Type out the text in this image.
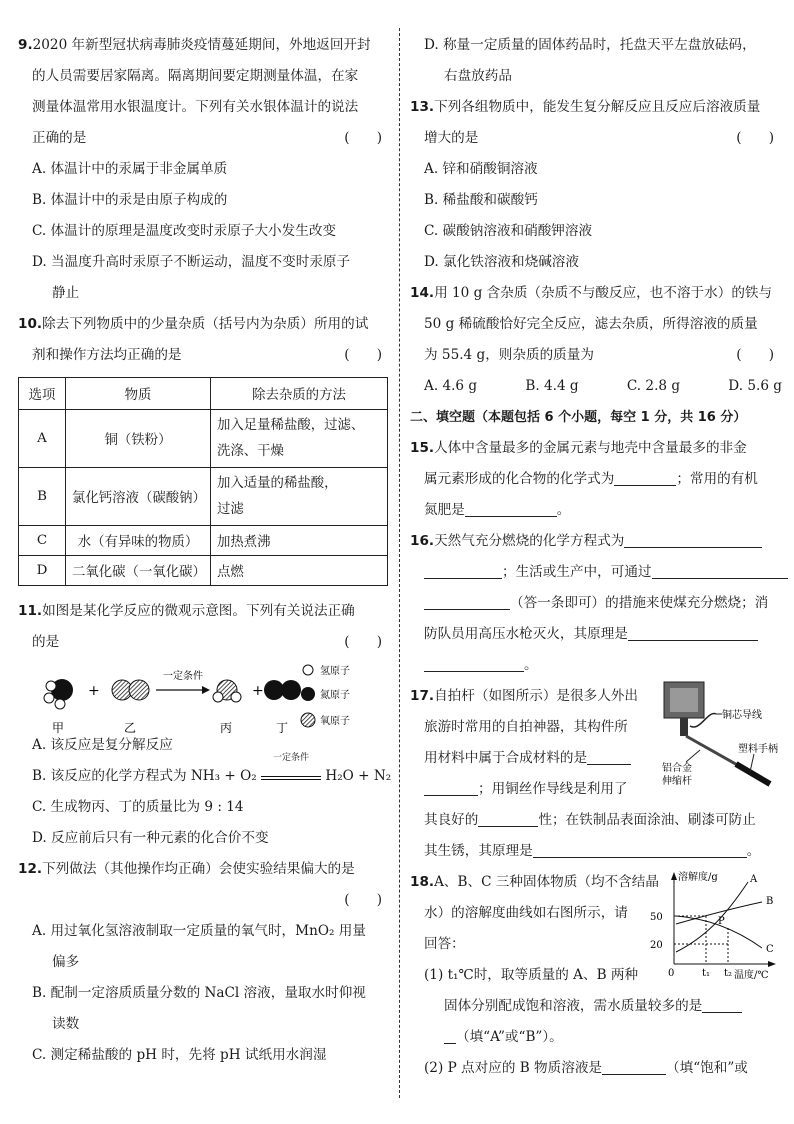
9.2020 年新型冠状病毒肺炎疫情蔓延期间，外地返回开封

的人员需要居家隔离。隔离期间要定期测量体温，在家

测量体温常用水银温度计。下列有关水银体温计的说法

正确的是	(　　)

A. 体温计中的汞属于非金属单质

B. 体温计中的汞是由原子构成的

C. 体温计的原理是温度改变时汞原子大小发生改变

D. 当温度升高时汞原子不断运动，温度不变时汞原子

静止

10.除去下列物质中的少量杂质（括号内为杂质）所用的试

剂和操作方法均正确的是	(　　)

选项	物质	除去杂质的方法
A	铜（铁粉）	加入足量稀盐酸，过滤、
洗涤、干燥

B	氯化钙溶液（碳酸钠）	加入适量的稀盐酸，
过滤

C	水（有异味的物质）	加热煮沸
D	二氧化碳（一氧化碳）	点燃

11.如图是某化学反应的微观示意图。下列有关说法正确

的是	(　　)

+
一定条件
+
甲	乙	丙	丁
氢原子
氮原子
氧原子

A. 该反应是复分解反应

B. 该反应的化学方程式为 NH₃ + O₂
一定条件
H₂O + N₂

C. 生成物丙、丁的质量比为 9 : 14

D. 反应前后只有一种元素的化合价不变

12.下列做法（其他操作均正确）会使实验结果偏大的是

(　　)

A. 用过氧化氢溶液制取一定质量的氧气时，MnO₂ 用量

偏多

B. 配制一定溶质质量分数的 NaCl 溶液，量取水时仰视

读数

C. 测定稀盐酸的 pH 时，先将 pH 试纸用水润湿

D. 称量一定质量的固体药品时，托盘天平左盘放砝码，

右盘放药品

13.下列各组物质中，能发生复分解反应且反应后溶液质量

增大的是	(　　)

A. 锌和硝酸铜溶液

B. 稀盐酸和碳酸钙

C. 碳酸钠溶液和硝酸钾溶液

D. 氯化铁溶液和烧碱溶液

14.用 10 g 含杂质（杂质不与酸反应，也不溶于水）的铁与

50 g 稀硫酸恰好完全反应，滤去杂质，所得溶液的质量

为 55.4 g，则杂质的质量为	(　　)

A. 4.6 g	B. 4.4 g	C. 2.8 g	D. 5.6 g

二、填空题（本题包括 6 个小题，每空 1 分，共 16 分）

15.人体中含量最多的金属元素与地壳中含量最多的非金

属元素形成的化合物的化学式为	；常用的有机

氮肥是	。

16.天然气充分燃烧的化学方程式为

；生活或生产中，可通过

（答一条即可）的措施来使煤充分燃烧；消

防队员用高压水枪灭火，其原理是

。

17.自拍杆（如图所示）是很多人外出

旅游时常用的自拍神器，其构件所

用材料中属于合成材料的是

；用铜丝作导线是利用了

其良好的	性；在铁制品表面涂油、刷漆可防止

其生锈，其原理是	。

18.A、B、C 三种固体物质（均不含结晶

水）的溶解度曲线如右图所示，请

回答：

(1) t₁℃时，取等质量的 A、B 两种

固体分别配成饱和溶液，需水质量较多的是

（填“A”或“B”）。

(2) P 点对应的 B 物质溶液是	（填“饱和”或

铜芯导线
铝合金
伸缩杆
塑料手柄
溶解度/g
温度/℃
50
20
0	t₁ t₂
A
B
C
P
